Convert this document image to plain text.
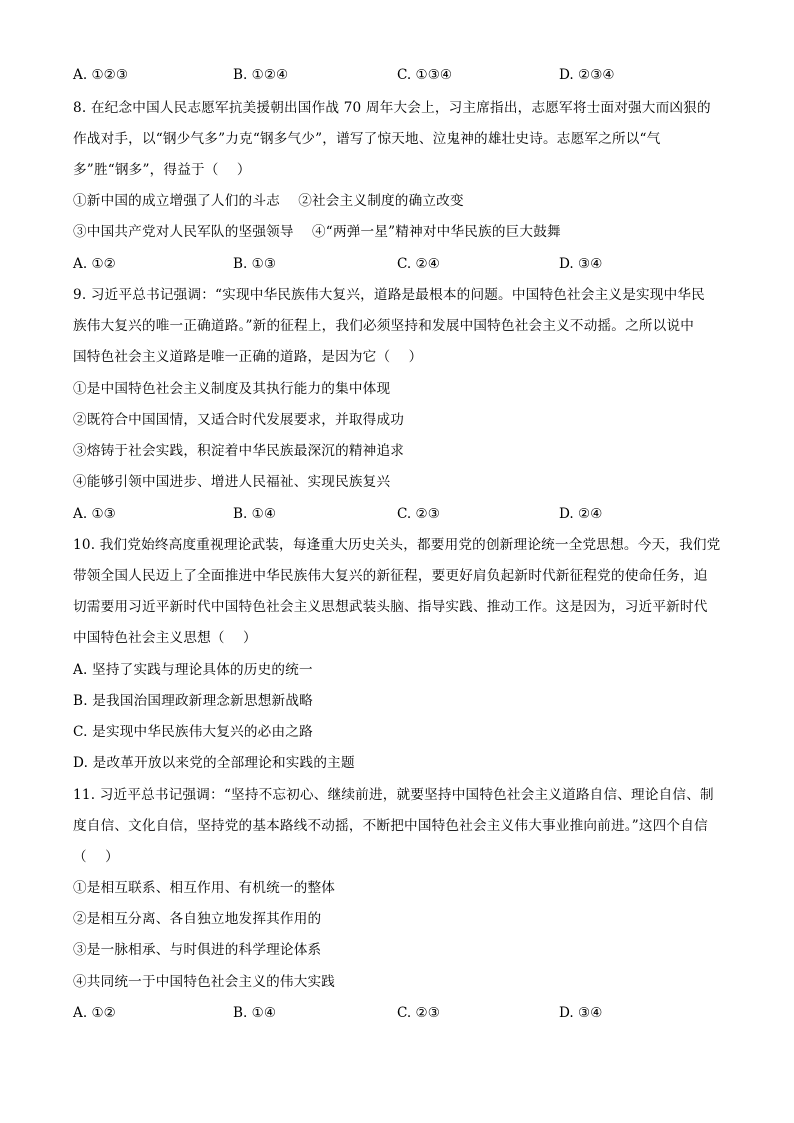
A. ①②③	B. ①②④	C. ①③④	D. ②③④
8. 在纪念中国人民志愿军抗美援朝出国作战 70 周年大会上，习主席指出，志愿军将士面对强大而凶狠的
作战对手，以“钢少气多”力克“钢多气少”，谱写了惊天地、泣鬼神的雄壮史诗。志愿军之所以“气
多”胜“钢多”，得益于（　 ）
①新中国的成立增强了人们的斗志　 ②社会主义制度的确立改变
③中国共产党对人民军队的坚强领导　 ④“两弹一星”精神对中华民族的巨大鼓舞
A. ①②	B. ①③	C. ②④	D. ③④
9. 习近平总书记强调：“实现中华民族伟大复兴，道路是最根本的问题。中国特色社会主义是实现中华民
族伟大复兴的唯一正确道路。”新的征程上，我们必须坚持和发展中国特色社会主义不动摇。之所以说中
国特色社会主义道路是唯一正确的道路，是因为它（　 ）
①是中国特色社会主义制度及其执行能力的集中体现
②既符合中国国情，又适合时代发展要求，并取得成功
③熔铸于社会实践，积淀着中华民族最深沉的精神追求
④能够引领中国进步、增进人民福祉、实现民族复兴
A. ①③	B. ①④	C. ②③	D. ②④
10. 我们党始终高度重视理论武装，每逢重大历史关头，都要用党的创新理论统一全党思想。今天，我们党
带领全国人民迈上了全面推进中华民族伟大复兴的新征程，要更好肩负起新时代新征程党的使命任务，迫
切需要用习近平新时代中国特色社会主义思想武装头脑、指导实践、推动工作。这是因为，习近平新时代
中国特色社会主义思想（　 ）
A. 坚持了实践与理论具体的历史的统一
B. 是我国治国理政新理念新思想新战略
C. 是实现中华民族伟大复兴的必由之路
D. 是改革开放以来党的全部理论和实践的主题
11. 习近平总书记强调：“坚持不忘初心、继续前进，就要坚持中国特色社会主义道路自信、理论自信、制
度自信、文化自信，坚持党的基本路线不动摇，不断把中国特色社会主义伟大事业推向前进。”这四个自信
（　 ）
①是相互联系、相互作用、有机统一的整体
②是相互分离、各自独立地发挥其作用的
③是一脉相承、与时俱进的科学理论体系
④共同统一于中国特色社会主义的伟大实践
A. ①②	B. ①④	C. ②③	D. ③④
